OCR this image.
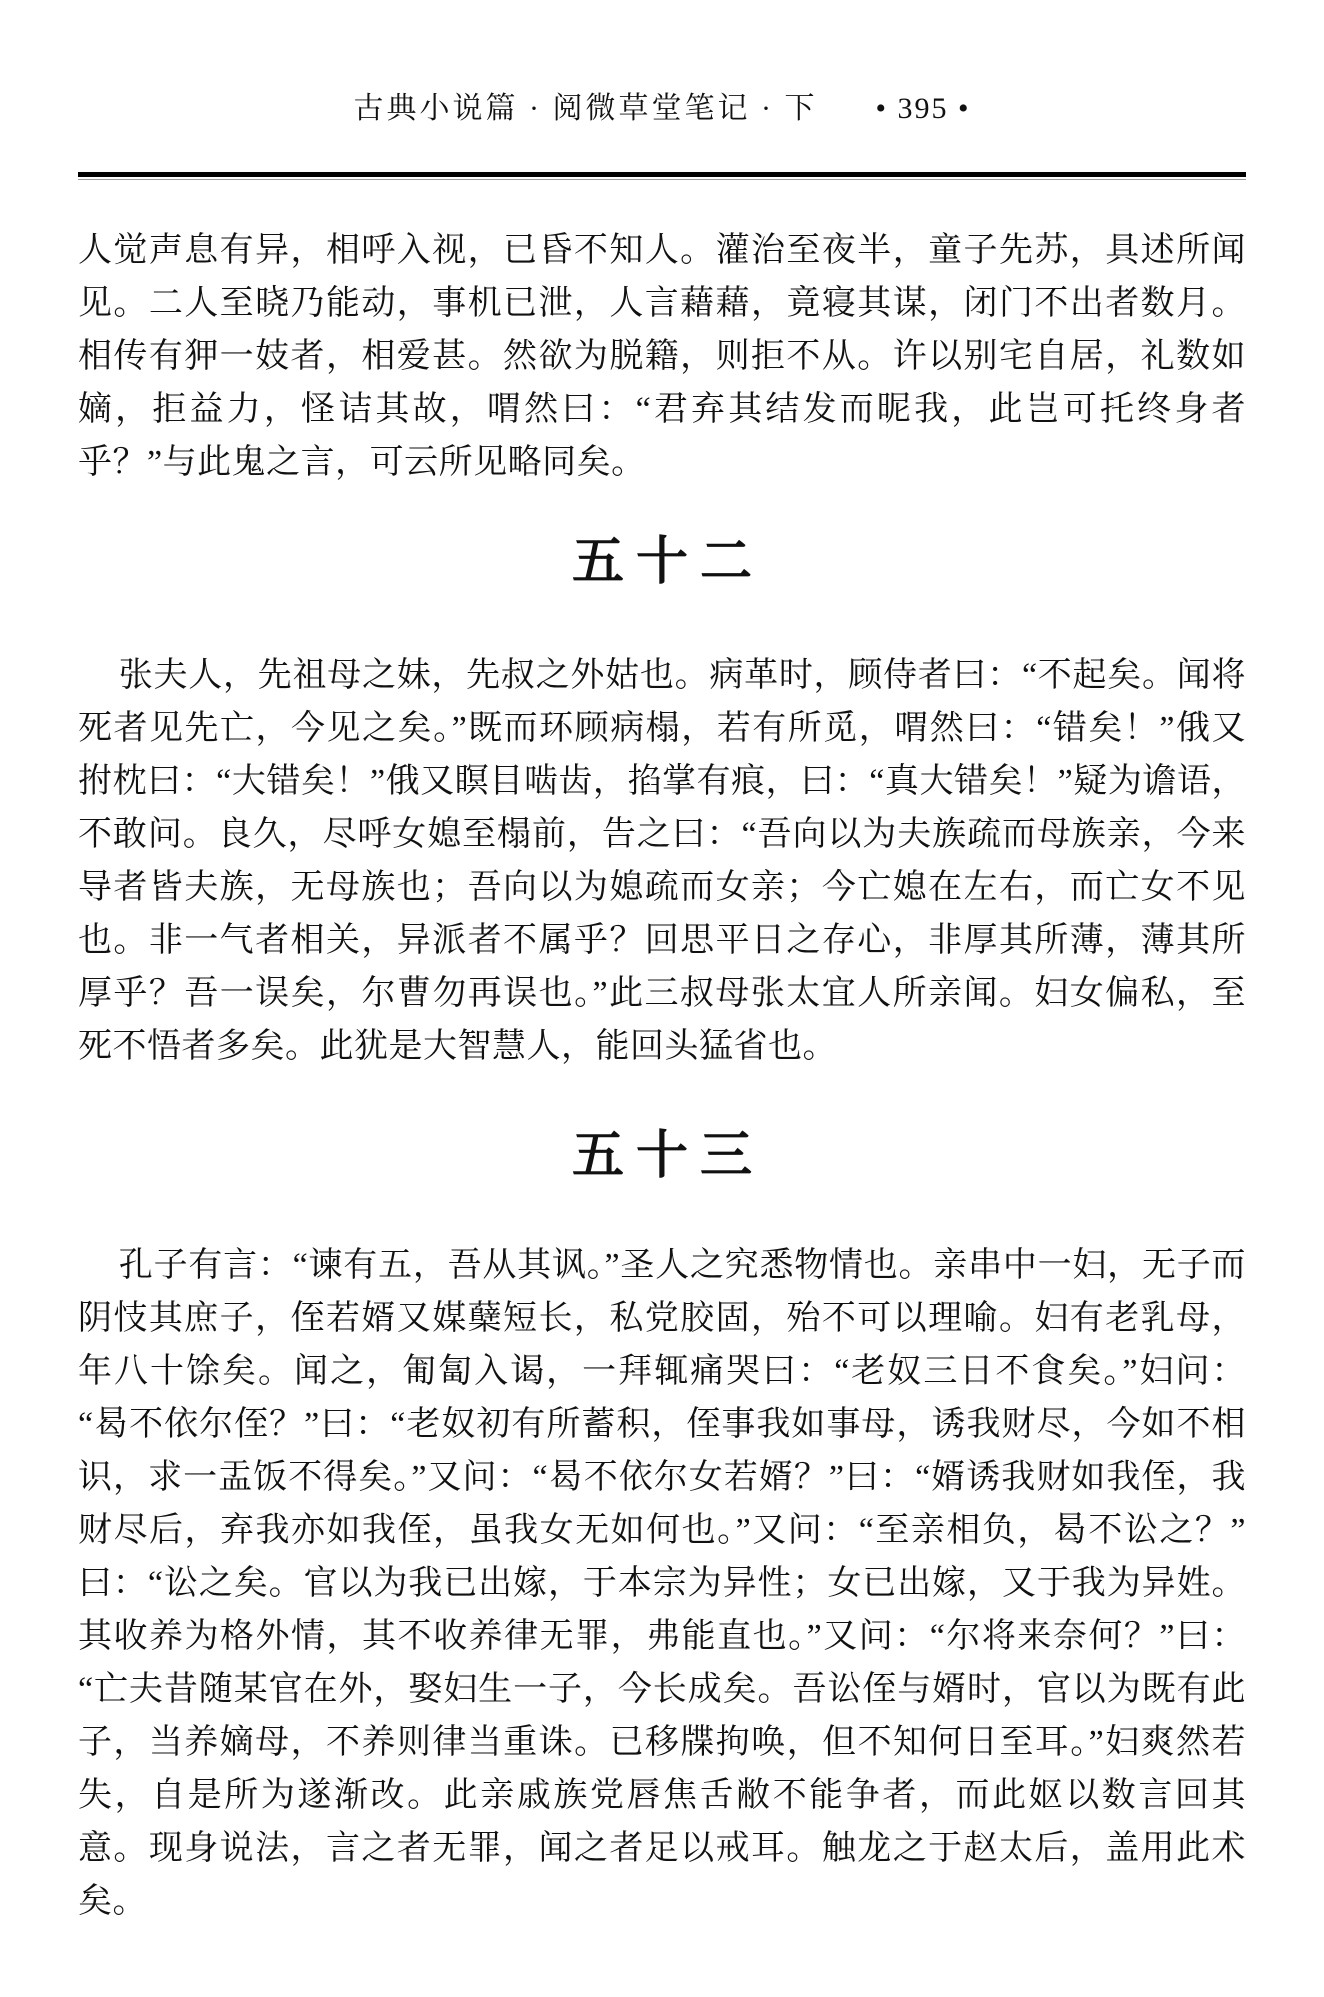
古典小说篇 · 阅微草堂笔记 · 下 • 395 •

人觉声息有异，相呼入视，已昏不知人。灌治至夜半，童子先苏，具述所闻见。二人至晓乃能动，事机已泄，人言藉藉，竟寝其谋，闭门不出者数月。相传有狎一妓者，相爱甚。然欲为脱籍，则拒不从。许以别宅自居，礼数如嫡，拒益力，怪诘其故，喟然曰：“君弃其结发而昵我，此岂可托终身者乎？”与此鬼之言，可云所见略同矣。

五十二

张夫人，先祖母之妹，先叔之外姑也。病革时，顾侍者曰：“不起矣。闻将死者见先亡，今见之矣。”既而环顾病榻，若有所觅，喟然曰：“错矣！”俄又拊枕曰：“大错矣！”俄又瞑目啮齿，掐掌有痕，曰：“真大错矣！”疑为谵语，不敢问。良久，尽呼女媳至榻前，告之曰：“吾向以为夫族疏而母族亲，今来导者皆夫族，无母族也；吾向以为媳疏而女亲；今亡媳在左右，而亡女不见也。非一气者相关，异派者不属乎？回思平日之存心，非厚其所薄，薄其所厚乎？吾一误矣，尔曹勿再误也。”此三叔母张太宜人所亲闻。妇女偏私，至死不悟者多矣。此犹是大智慧人，能回头猛省也。

五十三

孔子有言：“谏有五，吾从其讽。”圣人之究悉物情也。亲串中一妇，无子而阴忮其庶子，侄若婿又媒蘖短长，私党胶固，殆不可以理喻。妇有老乳母，年八十馀矣。闻之，匍匐入谒，一拜辄痛哭曰：“老奴三日不食矣。”妇问：“曷不依尔侄？”曰：“老奴初有所蓄积，侄事我如事母，诱我财尽，今如不相识，求一盂饭不得矣。”又问：“曷不依尔女若婿？”曰：“婿诱我财如我侄，我财尽后，弃我亦如我侄，虽我女无如何也。”又问：“至亲相负，曷不讼之？”曰：“讼之矣。官以为我已出嫁，于本宗为异性；女已出嫁，又于我为异姓。其收养为格外情，其不收养律无罪，弗能直也。”又问：“尔将来奈何？”曰：“亡夫昔随某官在外，娶妇生一子，今长成矣。吾讼侄与婿时，官以为既有此子，当养嫡母，不养则律当重诛。已移牒拘唤，但不知何日至耳。”妇爽然若失，自是所为遂渐改。此亲戚族党唇焦舌敝不能争者，而此妪以数言回其意。现身说法，言之者无罪，闻之者足以戒耳。触龙之于赵太后，盖用此术矣。
